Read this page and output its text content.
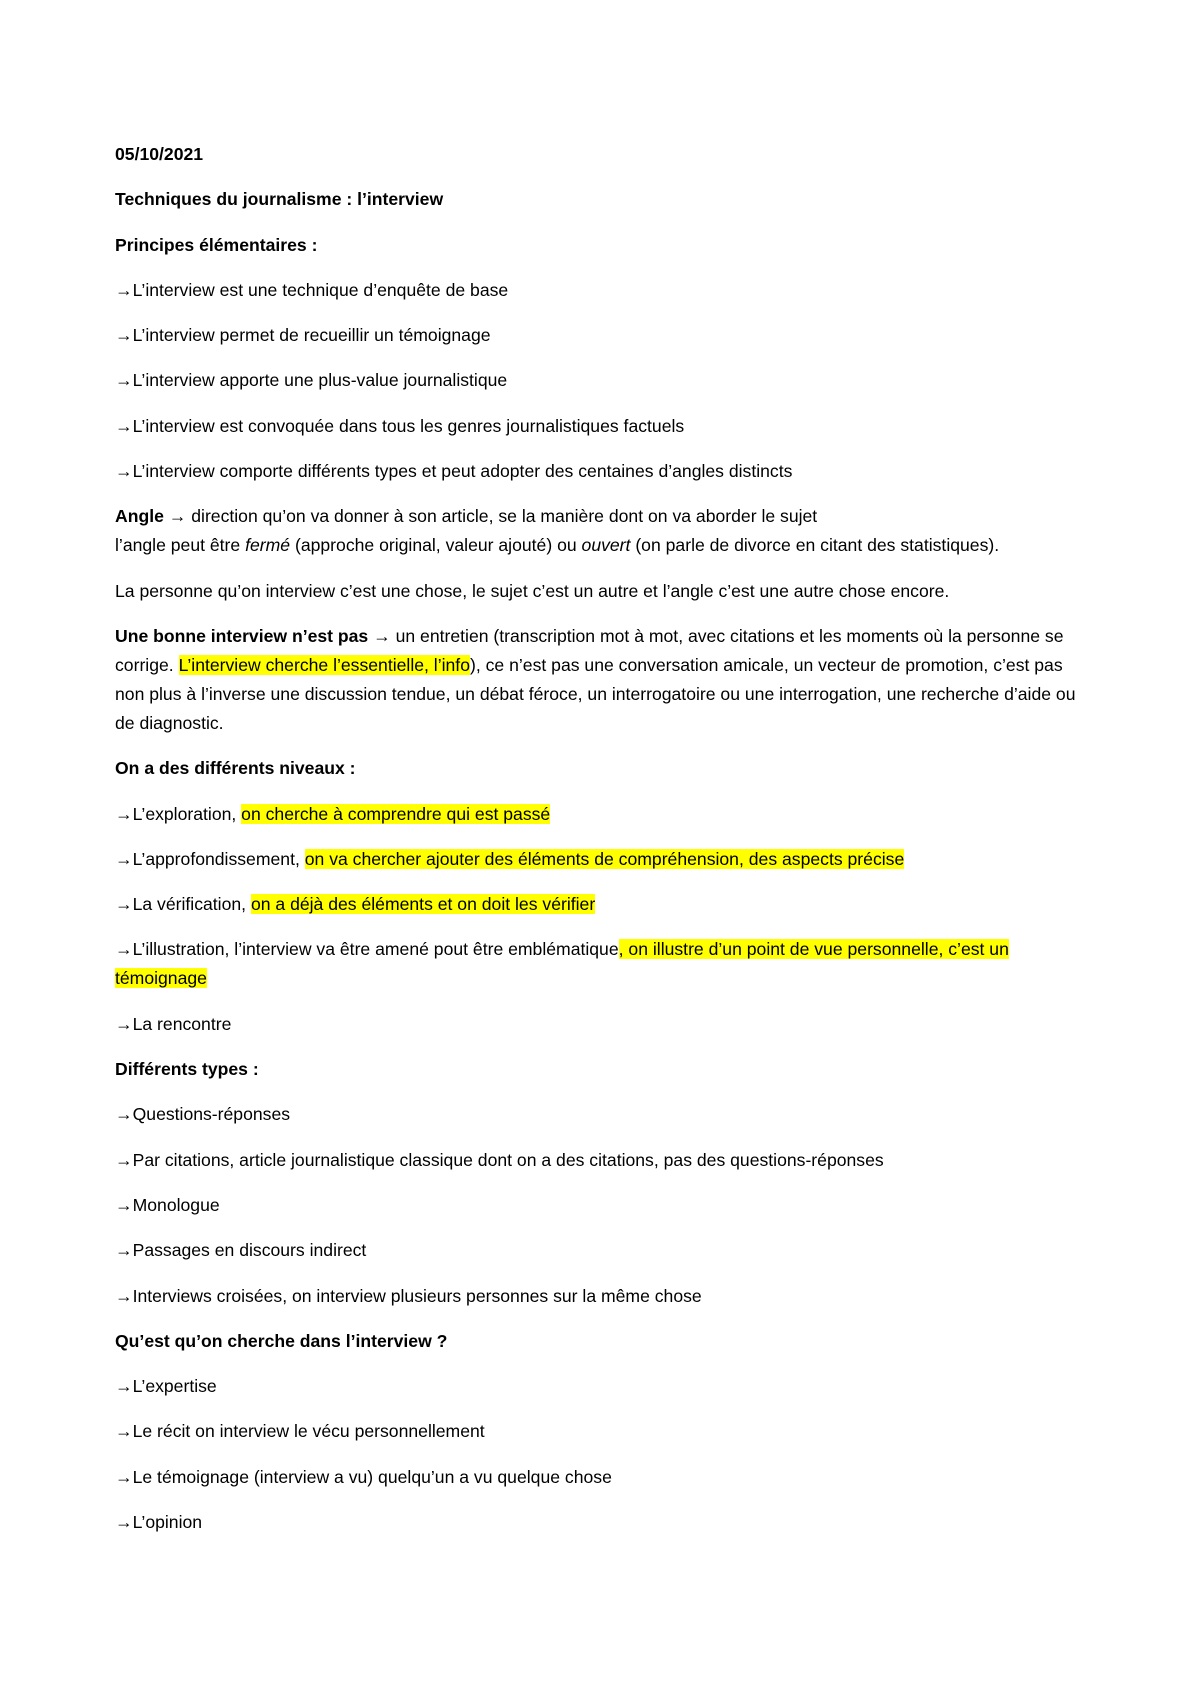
05/10/2021

Techniques du journalisme : l’interview

Principes élémentaires :

→L’interview est une technique d’enquête de base

→L’interview permet de recueillir un témoignage

→L’interview apporte une plus-value journalistique

→L’interview est convoquée dans tous les genres journalistiques factuels

→L’interview comporte différents types et peut adopter des centaines d’angles distincts

Angle → direction qu’on va donner à son article, se la manière dont on va aborder le sujet
l’angle peut être fermé (approche original, valeur ajouté) ou ouvert (on parle de divorce en citant des statistiques).

La personne qu’on interview c’est une chose, le sujet c’est un autre et l’angle c’est une autre chose encore.

Une bonne interview n’est pas → un entretien (transcription mot à mot, avec citations et les moments où la personne se corrige. L’interview cherche l’essentielle, l’info), ce n’est pas une conversation amicale, un vecteur de promotion, c’est pas non plus à l’inverse une discussion tendue, un débat féroce, un interrogatoire ou une interrogation, une recherche d’aide ou de diagnostic.

On a des différents niveaux :

→L’exploration, on cherche à comprendre qui est passé

→L’approfondissement, on va chercher ajouter des éléments de compréhension, des aspects précise

→La vérification, on a déjà des éléments et on doit les vérifier

→L’illustration, l’interview va être amené pout être emblématique, on illustre d’un point de vue personnelle, c’est un témoignage

→La rencontre

Différents types :

→Questions-réponses

→Par citations, article journalistique classique dont on a des citations, pas des questions-réponses

→Monologue

→Passages en discours indirect

→Interviews croisées, on interview plusieurs personnes sur la même chose

Qu’est qu’on cherche dans l’interview ?

→L’expertise

→Le récit on interview le vécu personnellement

→Le témoignage (interview a vu) quelqu’un a vu quelque chose

→L’opinion
